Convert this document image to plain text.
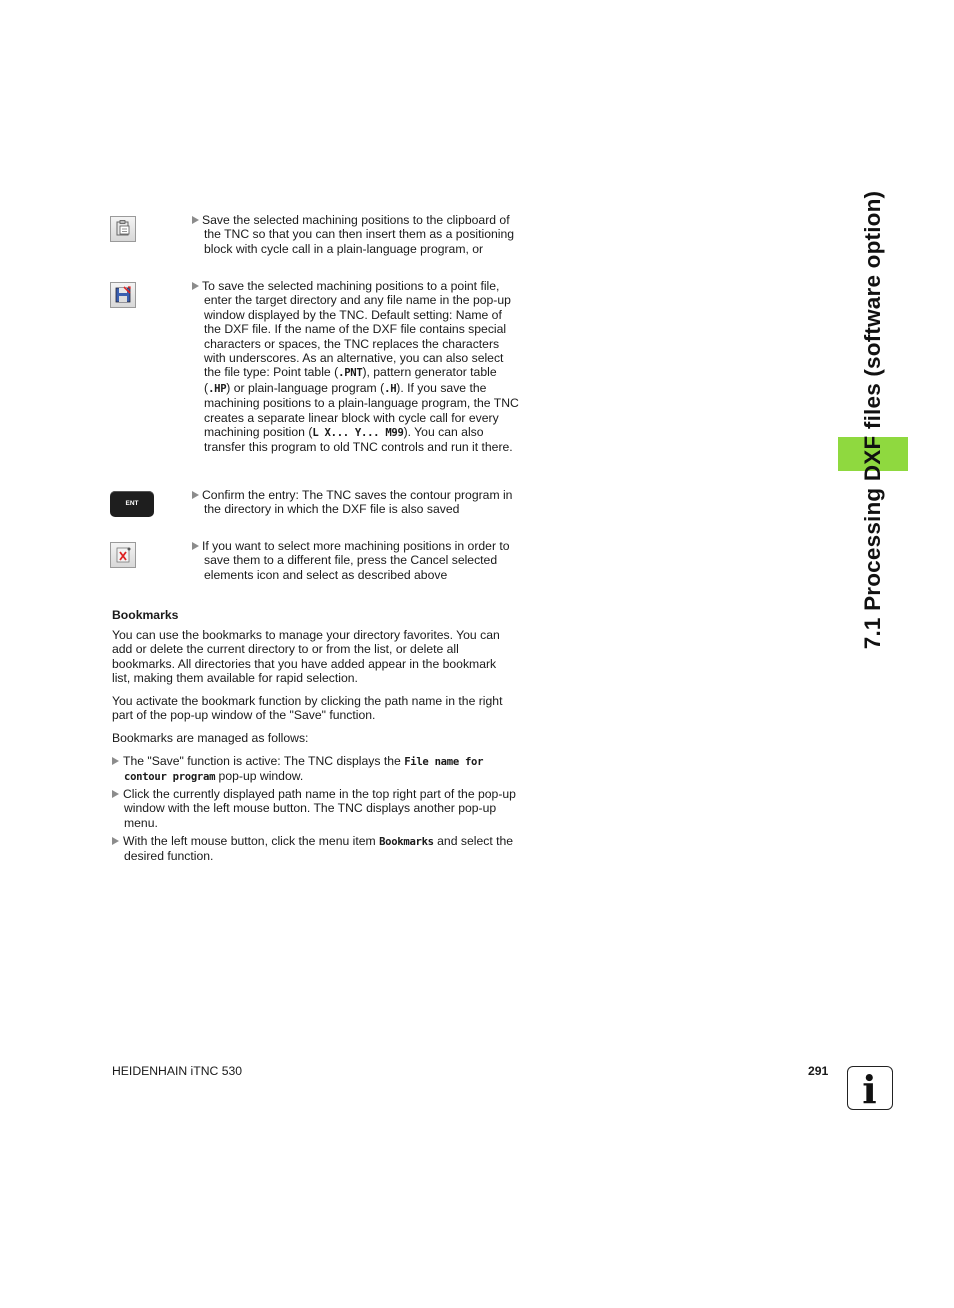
7.1 Processing DXF files (software option)

Save the selected machining positions to the clipboard of the TNC so that you can then insert them as a positioning block with cycle call in a plain-language program, or

To save the selected machining positions to a point file, enter the target directory and any file name in the pop-up window displayed by the TNC. Default setting: Name of the DXF file. If the name of the DXF file contains special characters or spaces, the TNC replaces the characters with underscores. As an alternative, you can also select the file type: Point table (.PNT), pattern generator table (.HP) or plain-language program (.H). If you save the machining positions to a plain-language program, the TNC creates a separate linear block with cycle call for every machining position (L X... Y... M99). You can also transfer this program to old TNC controls and run it there.

ENT

Confirm the entry: The TNC saves the contour program in the directory in which the DXF file is also saved

If you want to select more machining positions in order to save them to a different file, press the Cancel selected elements icon and select as described above

Bookmarks

You can use the bookmarks to manage your directory favorites. You can add or delete the current directory to or from the list, or delete all bookmarks. All directories that you have added appear in the bookmark list, making them available for rapid selection.

You activate the bookmark function by clicking the path name in the right part of the pop-up window of the "Save" function.

Bookmarks are managed as follows:

The "Save" function is active: The TNC displays the File name for contour program pop-up window.

Click the currently displayed path name in the top right part of the pop-up window with the left mouse button. The TNC displays another pop-up menu.

With the left mouse button, click the menu item Bookmarks and select the desired function.

HEIDENHAIN iTNC 530	291 i
